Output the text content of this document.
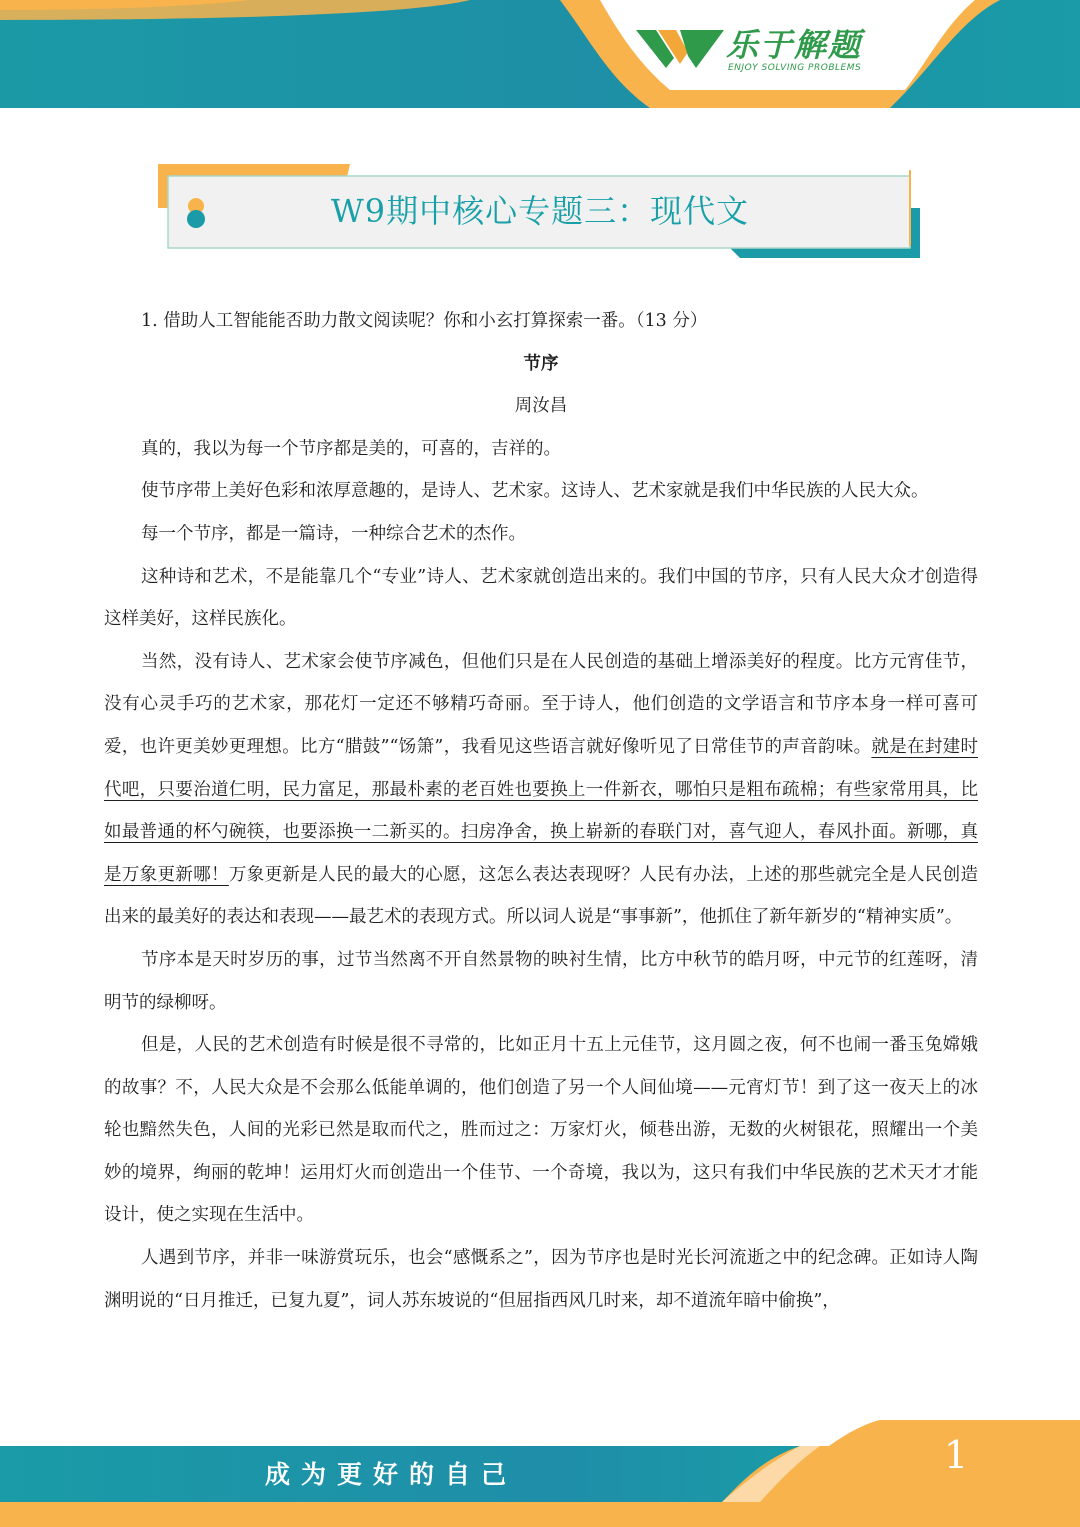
乐于解题
ENJOY SOLVING PROBLEMS
W9期中核心专题三：现代文

1. 借助人工智能能否助力散文阅读呢？你和小玄打算探索一番。（13 分）

节序

周汝昌

真的，我以为每一个节序都是美的，可喜的，吉祥的。

使节序带上美好色彩和浓厚意趣的，是诗人、艺术家。这诗人、艺术家就是我们中华民族的人民大众。

每一个节序，都是一篇诗，一种综合艺术的杰作。

这种诗和艺术，不是能靠几个“专业”诗人、艺术家就创造出来的。我们中国的节序，只有人民大众才创造得这样美好，这样民族化。

当然，没有诗人、艺术家会使节序减色，但他们只是在人民创造的基础上增添美好的程度。比方元宵佳节，没有心灵手巧的艺术家，那花灯一定还不够精巧奇丽。至于诗人，他们创造的文学语言和节序本身一样可喜可爱，也许更美妙更理想。比方“腊鼓”“饧箫”，我看见这些语言就好像听见了日常佳节的声音韵味。就是在封建时代吧，只要治道仁明，民力富足，那最朴素的老百姓也要换上一件新衣，哪怕只是粗布疏棉；有些家常用具，比如最普通的杯勺碗筷，也要添换一二新买的。扫房净舍，换上崭新的春联门对，喜气迎人，春风扑面。新哪，真是万象更新哪！万象更新是人民的最大的心愿，这怎么表达表现呀？人民有办法，上述的那些就完全是人民创造出来的最美好的表达和表现——最艺术的表现方式。所以词人说是“事事新”，他抓住了新年新岁的“精神实质”。

节序本是天时岁历的事，过节当然离不开自然景物的映衬生情，比方中秋节的皓月呀，中元节的红莲呀，清明节的绿柳呀。

但是，人民的艺术创造有时候是很不寻常的，比如正月十五上元佳节，这月圆之夜，何不也闹一番玉兔嫦娥的故事？不，人民大众是不会那么低能单调的，他们创造了另一个人间仙境——元宵灯节！到了这一夜天上的冰轮也黯然失色，人间的光彩已然是取而代之，胜而过之：万家灯火，倾巷出游，无数的火树银花，照耀出一个美妙的境界，绚丽的乾坤！运用灯火而创造出一个佳节、一个奇境，我以为，这只有我们中华民族的艺术天才才能设计，使之实现在生活中。

人遇到节序，并非一味游赏玩乐，也会“感慨系之”，因为节序也是时光长河流逝之中的纪念碑。正如诗人陶渊明说的“日月推迁，已复九夏”，词人苏东坡说的“但屈指西风几时来，却不道流年暗中偷换”，

成为更好的自己	1
